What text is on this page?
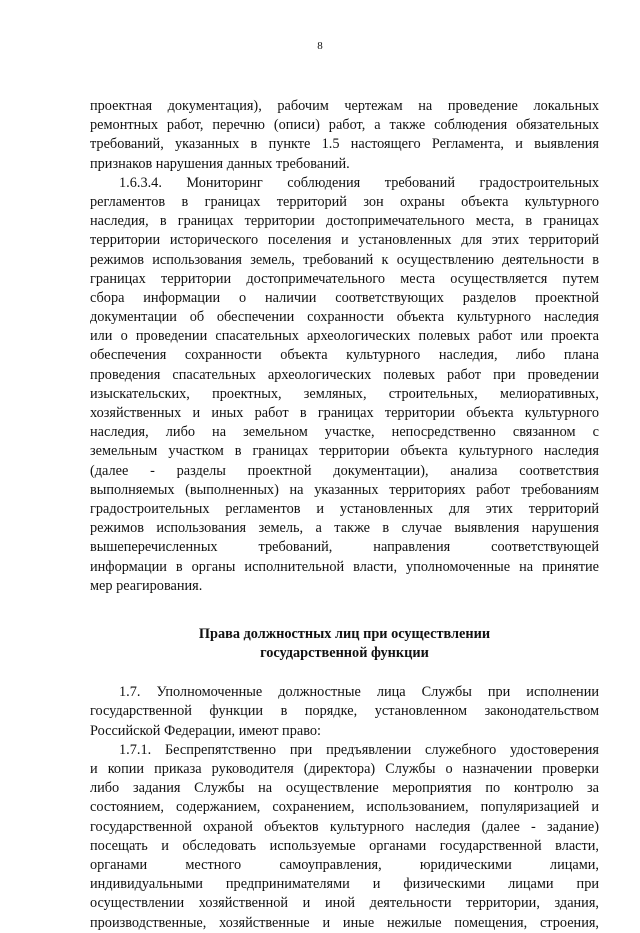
8
проектная документация), рабочим чертежам на проведение локальных
ремонтных работ, перечню (описи) работ, а также соблюдения обязательных
требований, указанных в пункте 1.5 настоящего Регламента, и выявления
признаков нарушения данных требований.
1.6.3.4. Мониторинг соблюдения требований градостроительных
регламентов в границах территорий зон охраны объекта культурного
наследия, в границах территории достопримечательного места, в границах
территории исторического поселения и установленных для этих территорий
режимов использования земель, требований к осуществлению деятельности в
границах территории достопримечательного места осуществляется путем
сбора информации о наличии соответствующих разделов проектной
документации об обеспечении сохранности объекта культурного наследия
или о проведении спасательных археологических полевых работ или проекта
обеспечения сохранности объекта культурного наследия, либо плана
проведения спасательных археологических полевых работ при проведении
изыскательских, проектных, земляных, строительных, мелиоративных,
хозяйственных и иных работ в границах территории объекта культурного
наследия, либо на земельном участке, непосредственно связанном с
земельным участком в границах территории объекта культурного наследия
(далее - разделы проектной документации), анализа соответствия
выполняемых (выполненных) на указанных территориях работ требованиям
градостроительных регламентов и установленных для этих территорий
режимов использования земель, а также в случае выявления нарушения
вышеперечисленных требований, направления соответствующей
информации в органы исполнительной власти, уполномоченные на принятие
мер реагирования.
Права должностных лиц при осуществлении
государственной функции
1.7. Уполномоченные должностные лица Службы при исполнении
государственной функции в порядке, установленном законодательством
Российской Федерации, имеют право:
1.7.1. Беспрепятственно при предъявлении служебного удостоверения
и копии приказа руководителя (директора) Службы о назначении проверки
либо задания Службы на осуществление мероприятия по контролю за
состоянием, содержанием, сохранением, использованием, популяризацией и
государственной охраной объектов культурного наследия (далее - задание)
посещать и обследовать используемые органами государственной власти,
органами местного самоуправления, юридическими лицами,
индивидуальными предпринимателями и физическими лицами при
осуществлении хозяйственной и иной деятельности территории, здания,
производственные, хозяйственные и иные нежилые помещения, строения,
